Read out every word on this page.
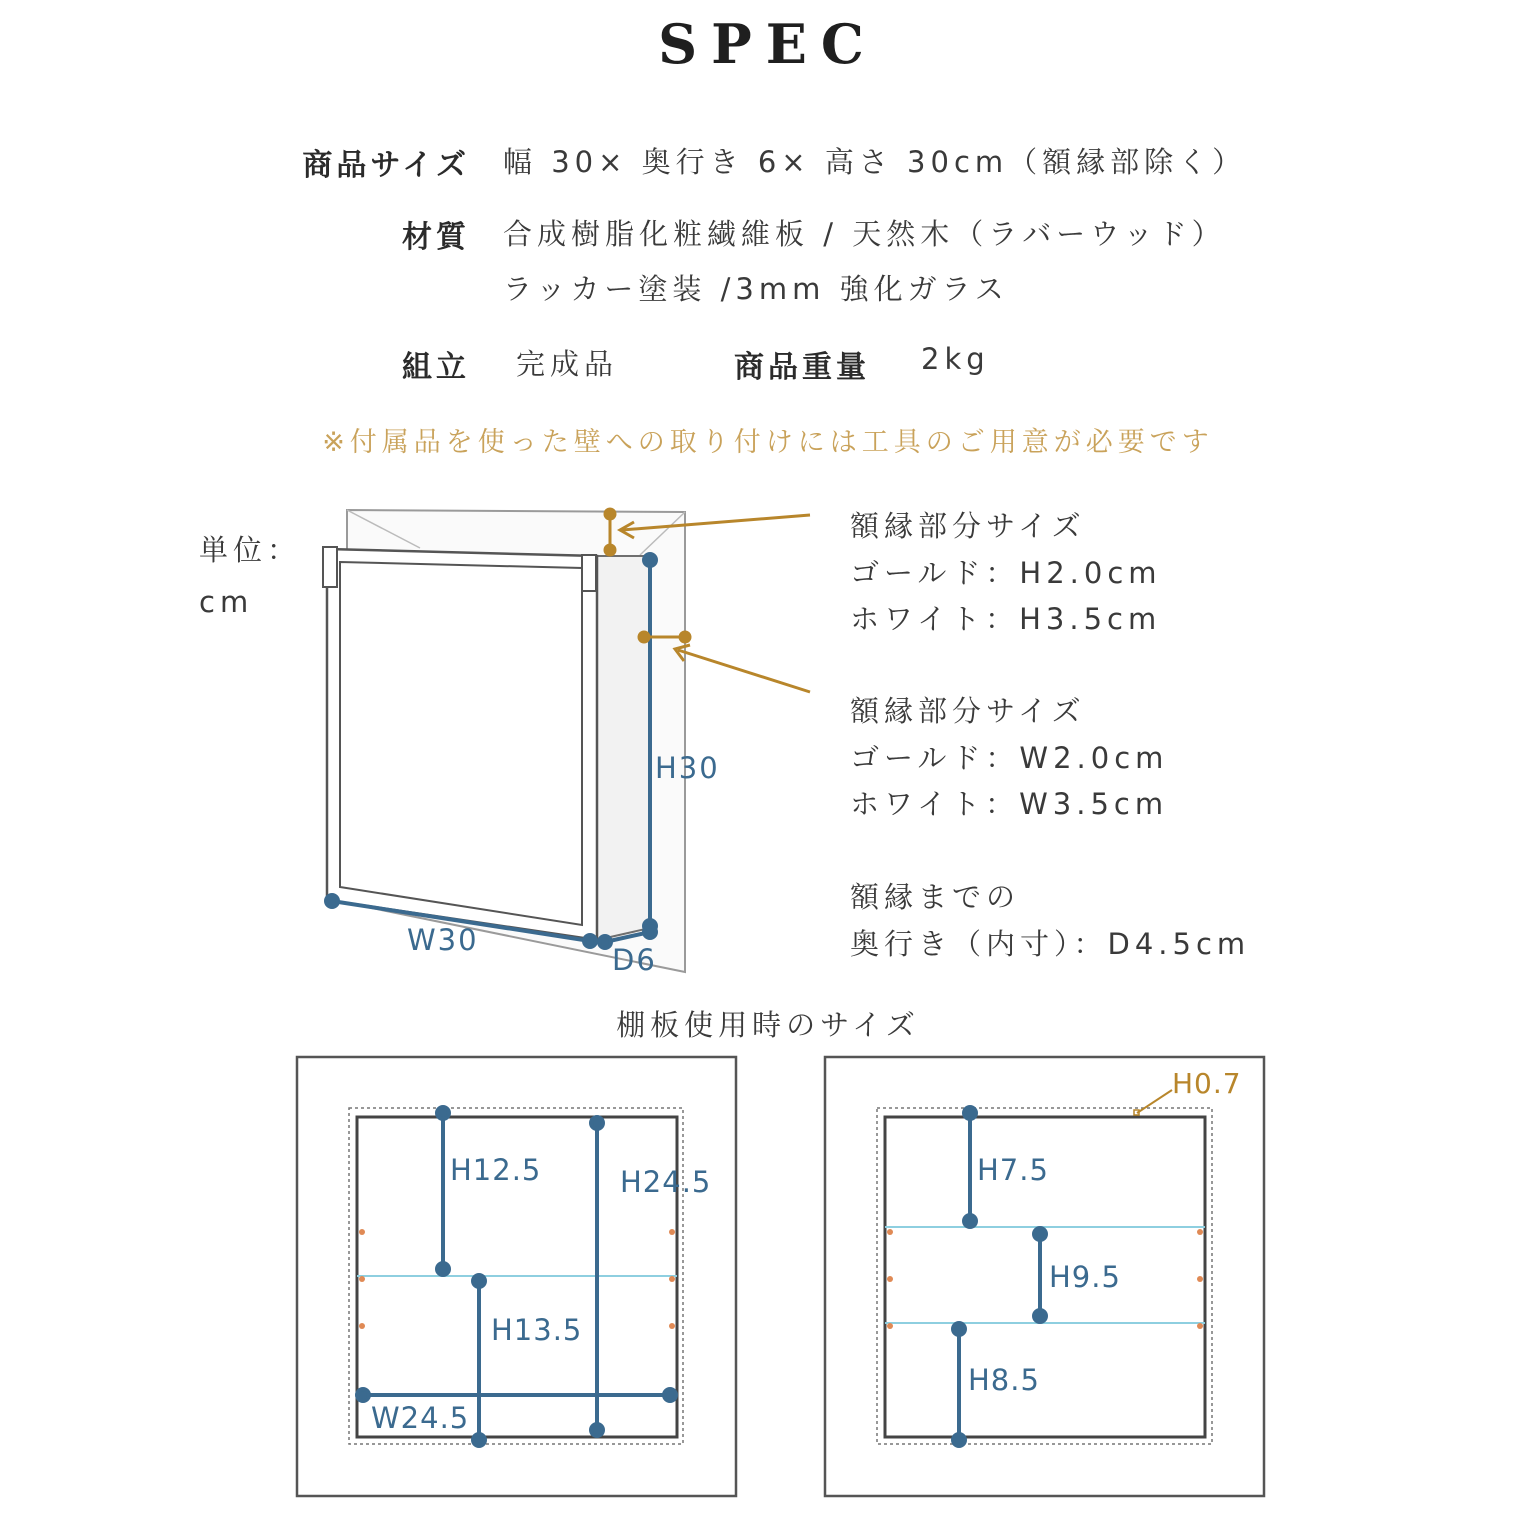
SPEC
商品サイズ 幅 30× 奥行き 6× 高さ 30cm（額縁部除く）
材質 合成樹脂化粧繊維板 / 天然木（ラバーウッド）
ラッカー塗装 /3mm 強化ガラス
組立 完成品	商品重量 2kg
※付属品を使った壁への取り付けには工具のご用意が必要です
単位：
cm
H30
W30
D6
H12.5	H24.5
H13.5
W24.5
H0.7
H7.5
H9.5
H8.5
額縁部分サイズ
ゴールド：H2.0cm
ホワイト：H3.5cm
額縁部分サイズ
ゴールド：W2.0cm
ホワイト：W3.5cm
額縁までの
奥行き（内寸）：D4.5cm
棚板使用時のサイズ
